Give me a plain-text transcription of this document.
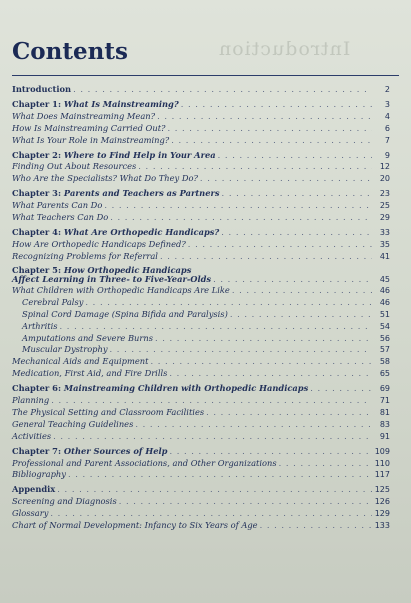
Introduction
Contents
Introduction . . .	2
Chapter 1: What Is Mainstreaming? . . .	3
What Does Mainstreaming Mean? . . .	4
How Is Mainstreaming Carried Out? . . .	6
What Is Your Role in Mainstreaming? . . .	7
Chapter 2: Where to Find Help in Your Area . . .	9
Finding Out About Resources . . .	12
Who Are the Specialists? What Do They Do? . . .	20
Chapter 3: Parents and Teachers as Partners . . .	23
What Parents Can Do . . .	25
What Teachers Can Do . . .	29
Chapter 4: What Are Orthopedic Handicaps? . . .	33
How Are Orthopedic Handicaps Defined? . . .	35
Recognizing Problems for Referral . . .	41
Chapter 5: How Orthopedic Handicaps
Affect Learning in Three- to Five-Year-Olds . . .	45
What Children with Orthopedic Handicaps Are Like . . .	46
Cerebral Palsy . . .	46
Spinal Cord Damage (Spina Bifida and Paralysis) . . .	51
Arthritis . . .	54
Amputations and Severe Burns . . .	56
Muscular Dystrophy . . .	57
Mechanical Aids and Equipment . . .	58
Medication, First Aid, and Fire Drills . . .	65
Chapter 6: Mainstreaming Children with Orthopedic Handicaps . . .	69
Planning . . .	71
The Physical Setting and Classroom Facilities . . .	81
General Teaching Guidelines . . .	83
Activities . . .	91
Chapter 7: Other Sources of Help . . .	109
Professional and Parent Associations, and Other Organizations . . .	110
Bibliography . . .	117
Appendix . . .	125
Screening and Diagnosis . . .	126
Glossary . . .	129
Chart of Normal Development: Infancy to Six Years of Age . . .	133
